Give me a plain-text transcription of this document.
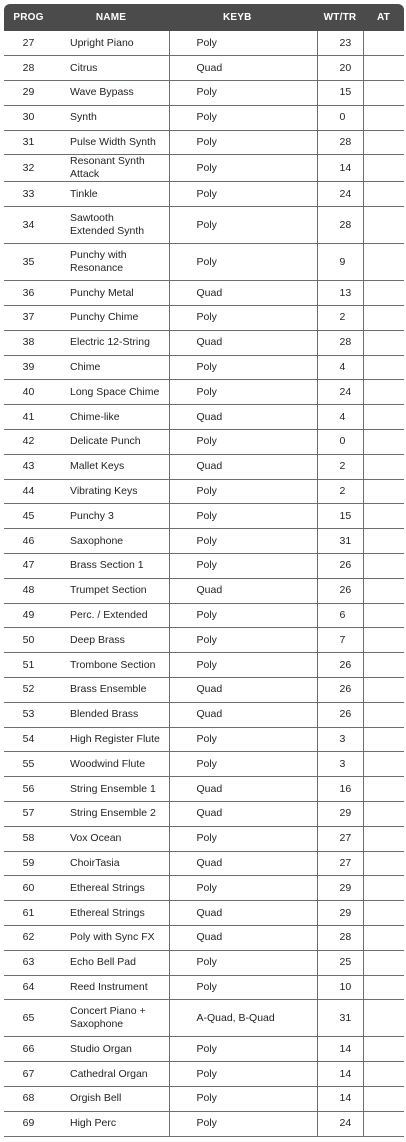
PROG	NAME	KEYB	WT/TR	AT
27	Upright Piano	Poly	23	
28	Citrus	Quad	20	
29	Wave Bypass	Poly	15	
30	Synth	Poly	0	
31	Pulse Width Synth	Poly	28	
32	Resonant Synth Attack	Poly	14	
33	Tinkle	Poly	24	
34	Sawtooth
Extended Synth	Poly	28	
35	Punchy with
Resonance	Poly	9	
36	Punchy Metal	Quad	13	
37	Punchy Chime	Poly	2	
38	Electric 12-String	Quad	28	
39	Chime	Poly	4	
40	Long Space Chime	Poly	24	
41	Chime-like	Quad	4	
42	Delicate Punch	Poly	0	
43	Mallet Keys	Quad	2	
44	Vibrating Keys	Poly	2	
45	Punchy 3	Poly	15	
46	Saxophone	Poly	31	
47	Brass Section 1	Poly	26	
48	Trumpet Section	Quad	26	
49	Perc. / Extended	Poly	6	
50	Deep Brass	Poly	7	
51	Trombone Section	Poly	26	
52	Brass Ensemble	Quad	26	
53	Blended Brass	Quad	26	
54	High Register Flute	Poly	3	
55	Woodwind Flute	Poly	3	
56	String Ensemble 1	Quad	16	
57	String Ensemble 2	Quad	29	
58	Vox Ocean	Poly	27	
59	ChoirTasia	Quad	27	
60	Ethereal Strings	Poly	29	
61	Ethereal Strings	Quad	29	
62	Poly with Sync FX	Quad	28	
63	Echo Bell Pad	Poly	25	
64	Reed Instrument	Poly	10	
65	Concert Piano +
Saxophone	A-Quad, B-Quad	31	
66	Studio Organ	Poly	14	
67	Cathedral Organ	Poly	14	
68	Orgish Bell	Poly	14	
69	High Perc	Poly	24	
